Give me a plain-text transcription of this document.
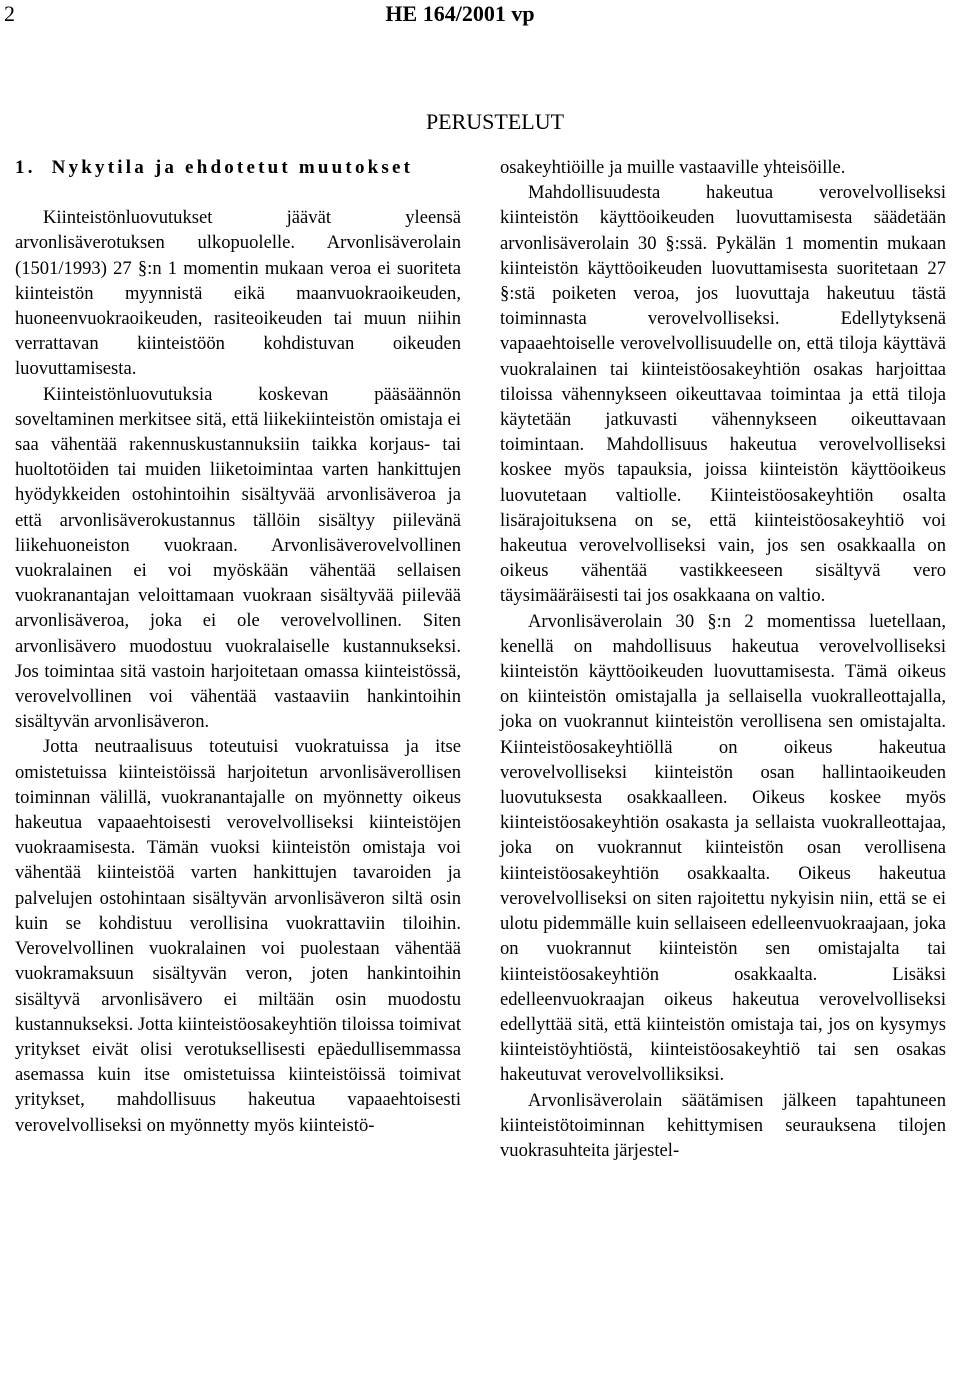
2	HE 164/2001 vp
PERUSTELUT
1. Nykytila ja ehdotetut muutokset

Kiinteistönluovutukset jäävät yleensä arvonlisäverotuksen ulkopuolelle. Arvonlisäverolain (1501/1993) 27 §:n 1 momentin mukaan veroa ei suoriteta kiinteistön myynnistä eikä maanvuokraoikeuden, huoneenvuokraoikeuden, rasiteoikeuden tai muun niihin verrattavan kiinteistöön kohdistuvan oikeuden luovuttamisesta.

Kiinteistönluovutuksia koskevan pääsäännön soveltaminen merkitsee sitä, että liikekiinteistön omistaja ei saa vähentää rakennuskustannuksiin taikka korjaus- tai huoltotöiden tai muiden liiketoimintaa varten hankittujen hyödykkeiden ostohintoihin sisältyvää arvonlisäveroa ja että arvonlisäverokustannus tällöin sisältyy piilevänä liikehuoneiston vuokraan. Arvonlisäverovelvollinen vuokralainen ei voi myöskään vähentää sellaisen vuokranantajan veloittamaan vuokraan sisältyvää piilevää arvonlisäveroa, joka ei ole verovelvollinen. Siten arvonlisävero muodostuu vuokralaiselle kustannukseksi. Jos toimintaa sitä vastoin harjoitetaan omassa kiinteistössä, verovelvollinen voi vähentää vastaaviin hankintoihin sisältyvän arvonlisäveron.

Jotta neutraalisuus toteutuisi vuokratuissa ja itse omistetuissa kiinteistöissä harjoitetun arvonlisäverollisen toiminnan välillä, vuokranantajalle on myönnetty oikeus hakeutua vapaaehtoisesti verovelvolliseksi kiinteistöjen vuokraamisesta. Tämän vuoksi kiinteistön omistaja voi vähentää kiinteistöä varten hankittujen tavaroiden ja palvelujen ostohintaan sisältyvän arvonlisäveron siltä osin kuin se kohdistuu verollisina vuokrattaviin tiloihin. Verovelvollinen vuokralainen voi puolestaan vähentää vuokramaksuun sisältyvän veron, joten hankintoihin sisältyvä arvonlisävero ei miltään osin muodostu kustannukseksi. Jotta kiinteistöosakeyhtiön tiloissa toimivat yritykset eivät olisi verotuksellisesti epäedullisemmassa asemassa kuin itse omistetuissa kiinteistöissä toimivat yritykset, mahdollisuus hakeutua vapaaehtoisesti verovelvolliseksi on myönnetty myös kiinteistö-

osakeyhtiöille ja muille vastaaville yhteisöille.

Mahdollisuudesta hakeutua verovelvolliseksi kiinteistön käyttöoikeuden luovuttamisesta säädetään arvonlisäverolain 30 §:ssä. Pykälän 1 momentin mukaan kiinteistön käyttöoikeuden luovuttamisesta suoritetaan 27 §:stä poiketen veroa, jos luovuttaja hakeutuu tästä toiminnasta verovelvolliseksi. Edellytyksenä vapaaehtoiselle verovelvollisuudelle on, että tiloja käyttävä vuokralainen tai kiinteistöosakeyhtiön osakas harjoittaa tiloissa vähennykseen oikeuttavaa toimintaa ja että tiloja käytetään jatkuvasti vähennykseen oikeuttavaan toimintaan. Mahdollisuus hakeutua verovelvolliseksi koskee myös tapauksia, joissa kiinteistön käyttöoikeus luovutetaan valtiolle. Kiinteistöosakeyhtiön osalta lisärajoituksena on se, että kiinteistöosakeyhtiö voi hakeutua verovelvolliseksi vain, jos sen osakkaalla on oikeus vähentää vastikkeeseen sisältyvä vero täysimääräisesti tai jos osakkaana on valtio.

Arvonlisäverolain 30 §:n 2 momentissa luetellaan, kenellä on mahdollisuus hakeutua verovelvolliseksi kiinteistön käyttöoikeuden luovuttamisesta. Tämä oikeus on kiinteistön omistajalla ja sellaisella vuokralleottajalla, joka on vuokrannut kiinteistön verollisena sen omistajalta. Kiinteistöosakeyhtiöllä on oikeus hakeutua verovelvolliseksi kiinteistön osan hallintaoikeuden luovutuksesta osakkaalleen. Oikeus koskee myös kiinteistöosakeyhtiön osakasta ja sellaista vuokralleottajaa, joka on vuokrannut kiinteistön osan verollisena kiinteistöosakeyhtiön osakkaalta. Oikeus hakeutua verovelvolliseksi on siten rajoitettu nykyisin niin, että se ei ulotu pidemmälle kuin sellaiseen edelleenvuokraajaan, joka on vuokrannut kiinteistön sen omistajalta tai kiinteistöosakeyhtiön osakkaalta. Lisäksi edelleenvuokraajan oikeus hakeutua verovelvolliseksi edellyttää sitä, että kiinteistön omistaja tai, jos on kysymys kiinteistöyhtiöstä, kiinteistöosakeyhtiö tai sen osakas hakeutuvat verovelvolliksiksi.

Arvonlisäverolain säätämisen jälkeen tapahtuneen kiinteistötoiminnan kehittymisen seurauksena tilojen vuokrasuhteita järjestel-
